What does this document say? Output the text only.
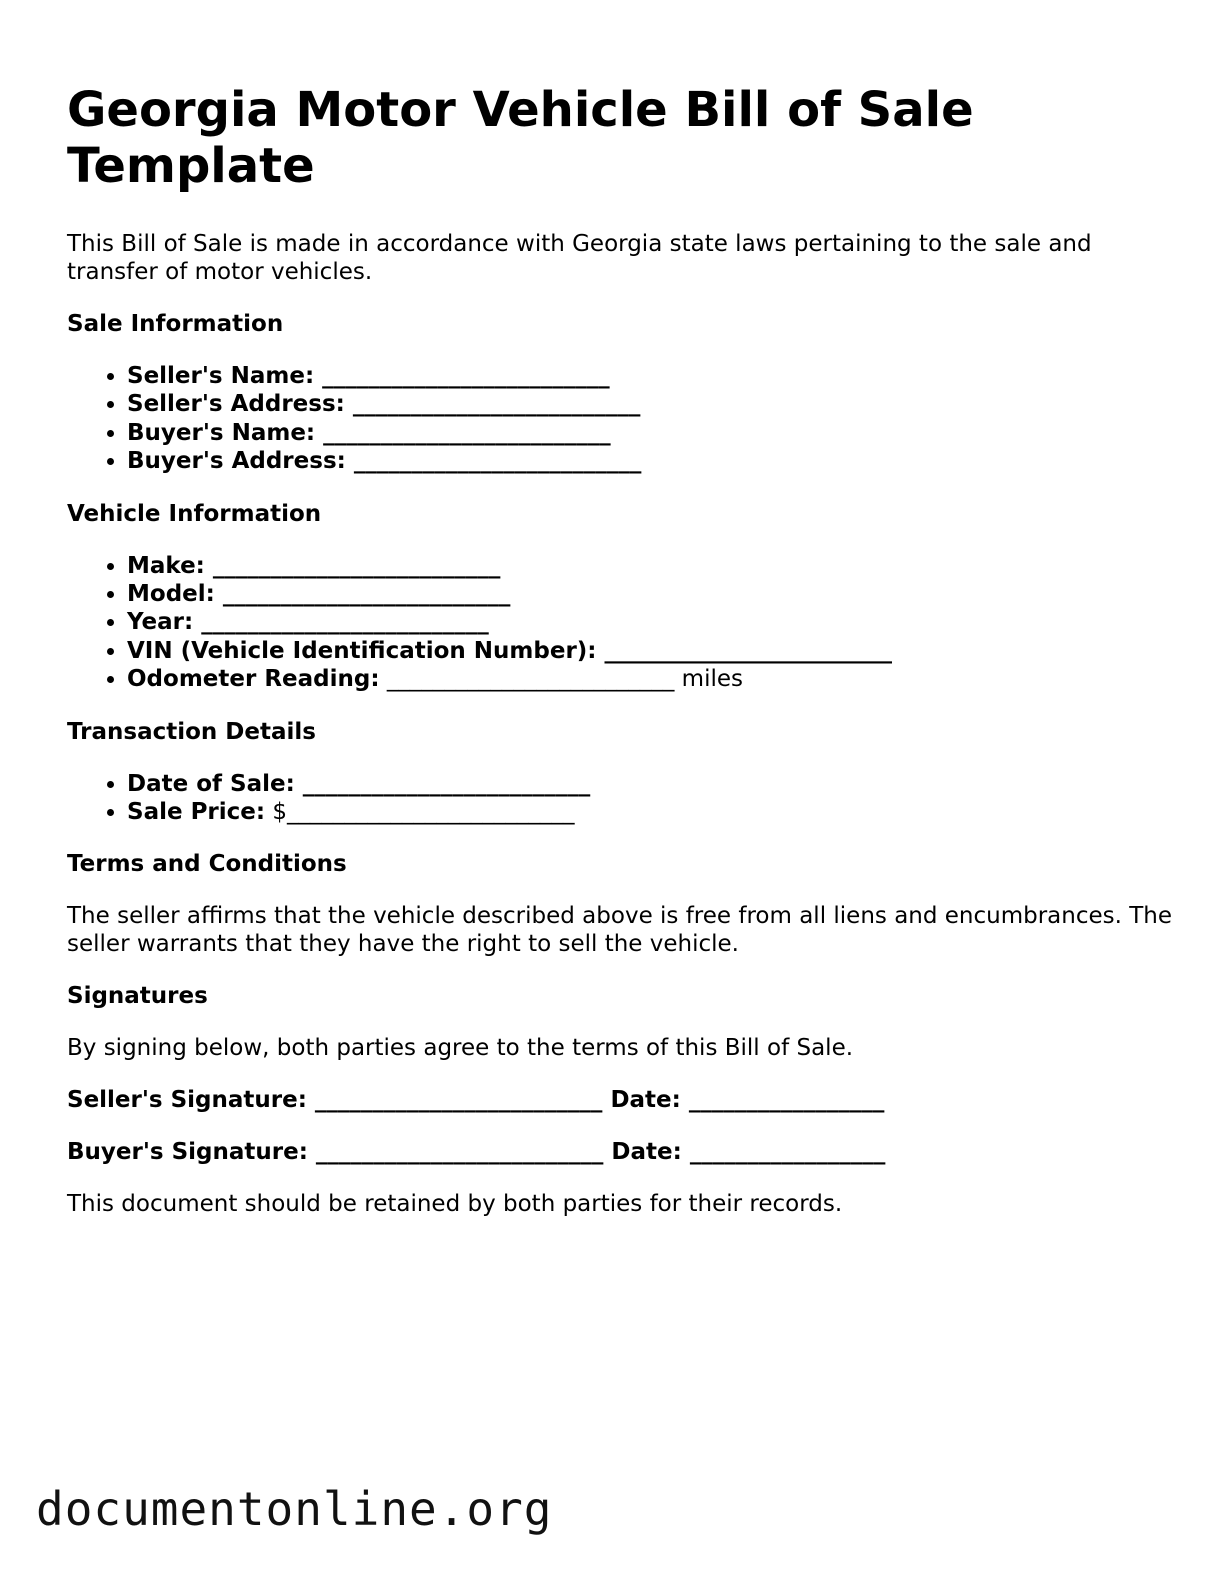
Georgia Motor Vehicle Bill of Sale Template

This Bill of Sale is made in accordance with Georgia state laws pertaining to the sale and transfer of motor vehicles.

Sale Information
• Seller's Name: _________________________
• Seller's Address: _________________________
• Buyer's Name: _________________________
• Buyer's Address: _________________________
Vehicle Information
• Make: _________________________
• Model: _________________________
• Year: _________________________
• VIN (Vehicle Identification Number): _________________________
• Odometer Reading: _________________________ miles
Transaction Details
• Date of Sale: _________________________
• Sale Price: $_________________________
Terms and Conditions

The seller affirms that the vehicle described above is free from all liens and encumbrances. The seller warrants that they have the right to sell the vehicle.

Signatures

By signing below, both parties agree to the terms of this Bill of Sale.

Seller's Signature: _________________________ Date: _________________
Buyer's Signature: _________________________ Date: _________________

This document should be retained by both parties for their records.

documentonline.org
